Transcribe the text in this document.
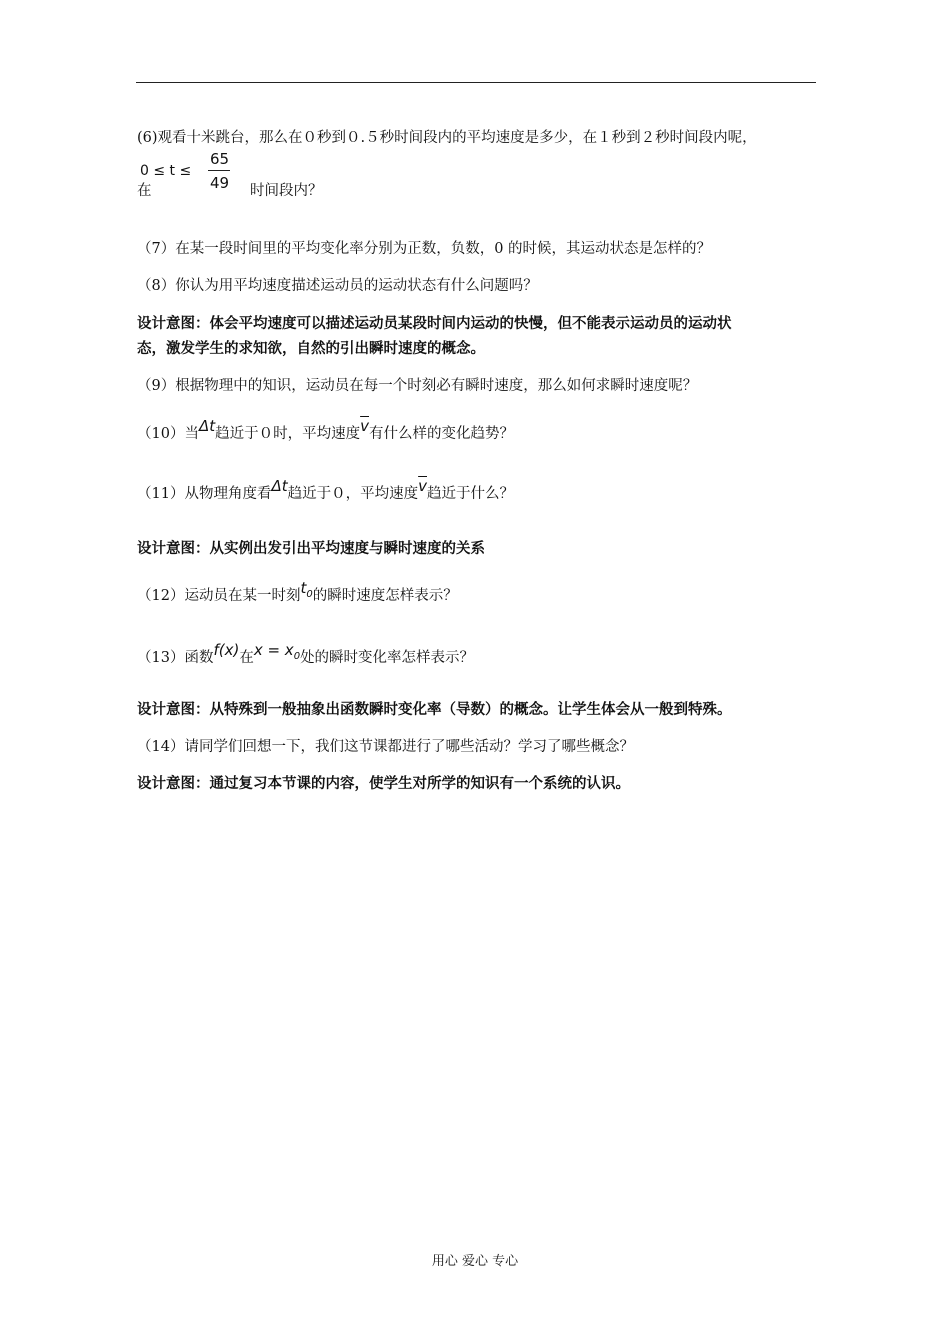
(6)观看十米跳台，那么在０秒到０.５秒时间段内的平均速度是多少，在１秒到２秒时间段内呢，
0 ≤ t ≤
65
49
在	时间段内？
（7）在某一段时间里的平均变化率分别为正数，负数，0 的时候，其运动状态是怎样的？
（8）你认为用平均速度描述运动员的运动状态有什么问题吗？
设计意图：体会平均速度可以描述运动员某段时间内运动的快慢，但不能表示运动员的运动状
态，激发学生的求知欲，自然的引出瞬时速度的概念。
（9）根据物理中的知识，运动员在每一个时刻必有瞬时速度，那么如何求瞬时速度呢？
（10）当Δt趋近于０时，平均速度$\overline{v}$有什么样的变化趋势？
（11）从物理角度看Δt趋近于０，平均速度$\overline{v}$趋近于什么？
设计意图：从实例出发引出平均速度与瞬时速度的关系
（12）运动员在某一时刻$t_0$的瞬时速度怎样表示？
（13）函数f(x)在$x = x_0$处的瞬时变化率怎样表示？
设计意图：从特殊到一般抽象出函数瞬时变化率（导数）的概念。让学生体会从一般到特殊。
（14）请同学们回想一下，我们这节课都进行了哪些活动？学习了哪些概念？
设计意图：通过复习本节课的内容，使学生对所学的知识有一个系统的认识。
用心 爱心 专心
